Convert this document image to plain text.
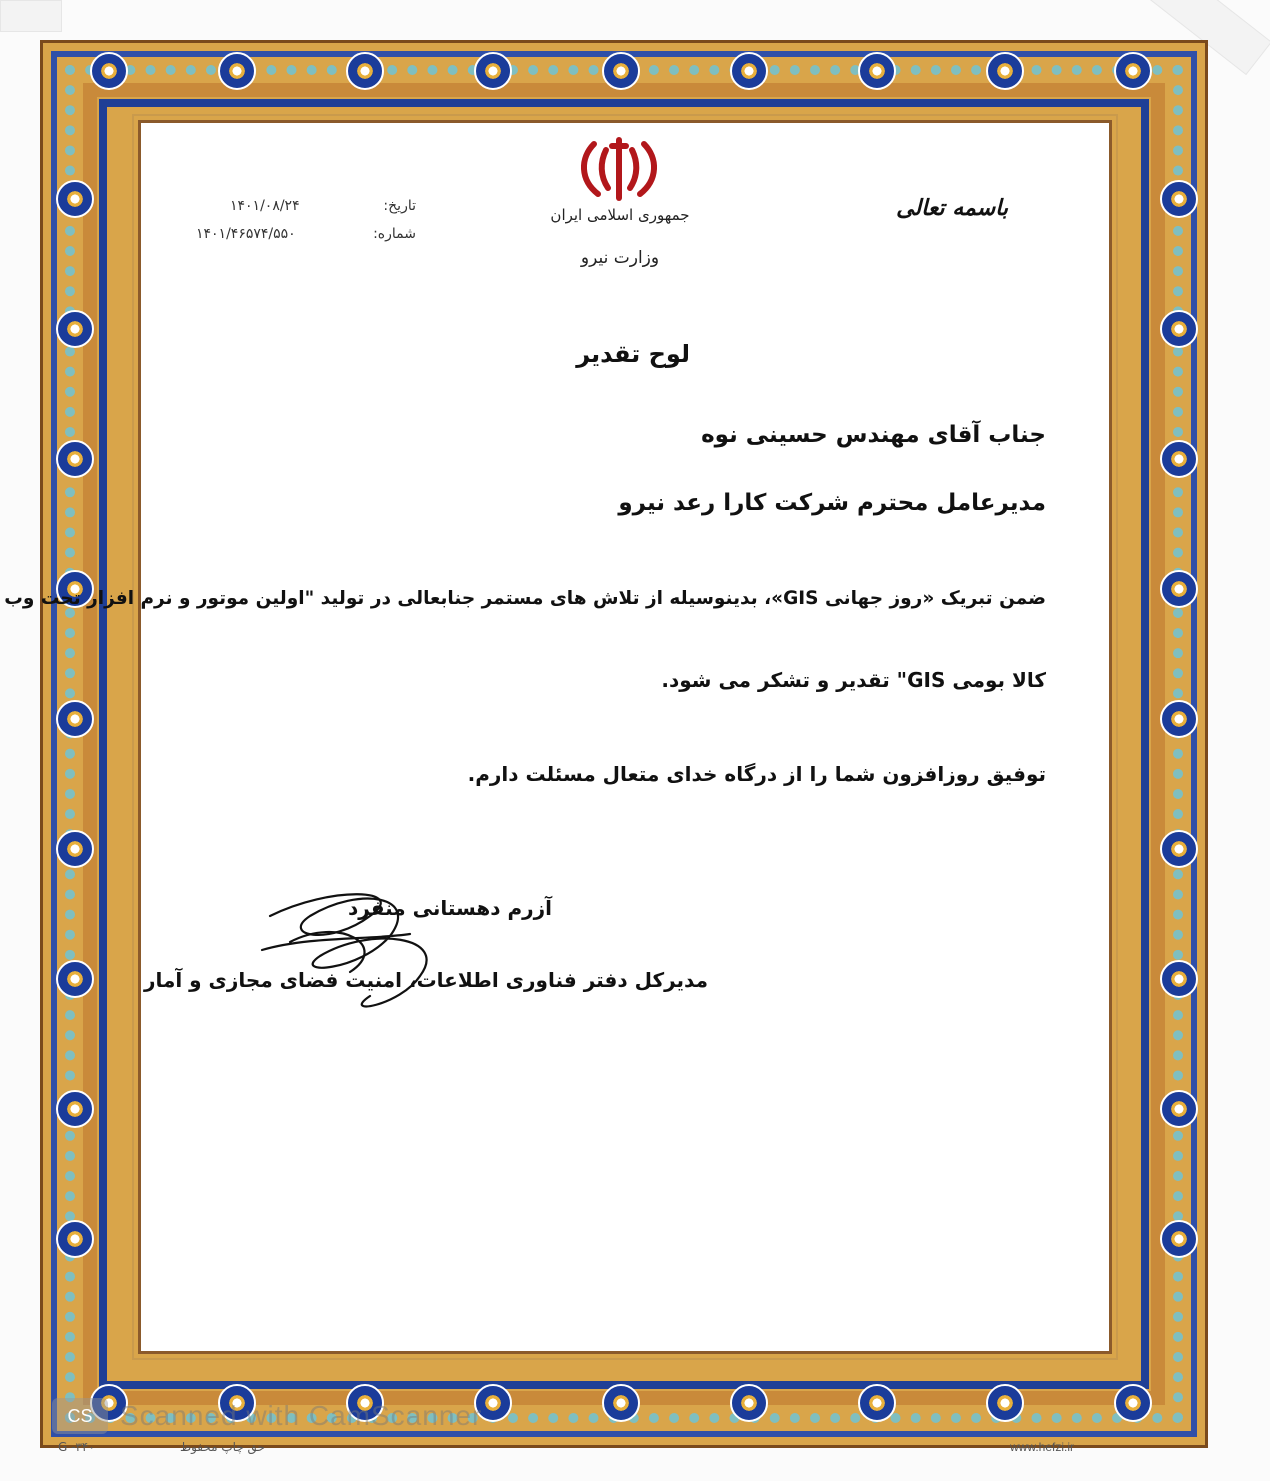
باسمه تعالی
جمهوری اسلامی ایران
وزارت نیرو
تاریخ:
۱۴۰۱/۰۸/۲۴
شماره:
۱۴۰۱/۴۶۵۷۴/۵۵۰
لوح تقدیر
جناب آقای مهندس حسینی نوه
مدیرعامل محترم شرکت کارا رعد نیرو
ضمن تبریک «روز جهانی GIS»، بدینوسیله از تلاش های مستمر جنابعالی در تولید "اولین موتور و نرم افزار تحت وب
کالا بومی GIS" تقدیر و تشکر می شود.
توفیق روزافزون شما را از درگاه خدای متعال مسئلت دارم.
آزرم دهستانی منفرد
مدیرکل دفتر فناوری اطلاعات، امنیت فضای مجازی و آمار
CS Scanned with CamScanner
حق چاپ محفوظ
G -۳۴۰	www.hefzi.ir
